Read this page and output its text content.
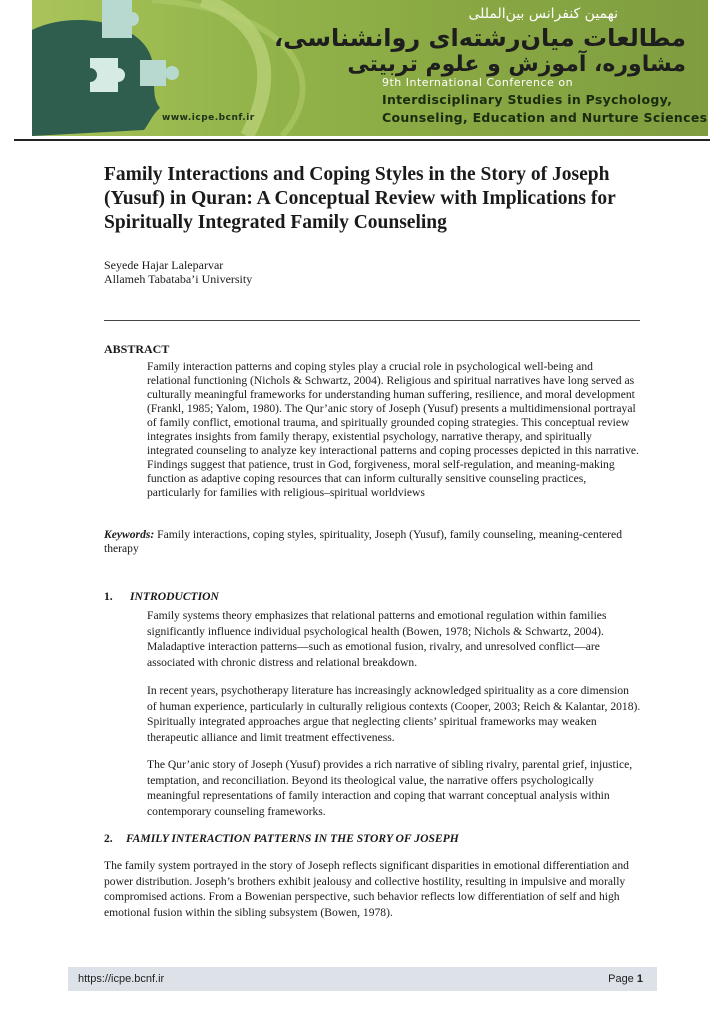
نهمین کنفرانس بین‌المللی
مطالعات میان‌رشته‌ای روانشناسی،
مشاوره، آموزش و علوم تربیتی
9th International Conference on
Interdisciplinary Studies in Psychology,
Counseling, Education and Nurture Sciences
www.icpe.bcnf.ir
Family Interactions and Coping Styles in the Story of Joseph (Yusuf) in Quran: A Conceptual Review with Implications for Spiritually Integrated Family Counseling
Seyede Hajar Laleparvar
Allameh Tabataba’i University
ABSTRACT

Family interaction patterns and coping styles play a crucial role in psychological well-being and relational functioning (Nichols & Schwartz, 2004). Religious and spiritual narratives have long served as culturally meaningful frameworks for understanding human suffering, resilience, and moral development (Frankl, 1985; Yalom, 1980). The Qur’anic story of Joseph (Yusuf) presents a multidimensional portrayal of family conflict, emotional trauma, and spiritually grounded coping strategies. This conceptual review integrates insights from family therapy, existential psychology, narrative therapy, and spiritually integrated counseling to analyze key interactional patterns and coping processes depicted in this narrative. Findings suggest that patience, trust in God, forgiveness, moral self-regulation, and meaning-making function as adaptive coping resources that can inform culturally sensitive counseling practices, particularly for families with religious–spiritual worldviews

Keywords: Family interactions, coping styles, spirituality, Joseph (Yusuf), family counseling, meaning-centered therapy

1. INTRODUCTION

Family systems theory emphasizes that relational patterns and emotional regulation within families significantly influence individual psychological health (Bowen, 1978; Nichols & Schwartz, 2004). Maladaptive interaction patterns—such as emotional fusion, rivalry, and unresolved conflict—are associated with chronic distress and relational breakdown.

In recent years, psychotherapy literature has increasingly acknowledged spirituality as a core dimension of human experience, particularly in culturally religious contexts (Cooper, 2003; Reich & Kalantar, 2018). Spiritually integrated approaches argue that neglecting clients’ spiritual frameworks may weaken therapeutic alliance and limit treatment effectiveness.

The Qur’anic story of Joseph (Yusuf) provides a rich narrative of sibling rivalry, parental grief, injustice, temptation, and reconciliation. Beyond its theological value, the narrative offers psychologically meaningful representations of family interaction and coping that warrant conceptual analysis within contemporary counseling frameworks.

2. FAMILY INTERACTION PATTERNS IN THE STORY OF JOSEPH

The family system portrayed in the story of Joseph reflects significant disparities in emotional differentiation and power distribution. Joseph’s brothers exhibit jealousy and collective hostility, resulting in impulsive and morally compromised actions. From a Bowenian perspective, such behavior reflects low differentiation of self and high emotional fusion within the sibling subsystem (Bowen, 1978).

https://icpe.bcnf.ir	Page 1
